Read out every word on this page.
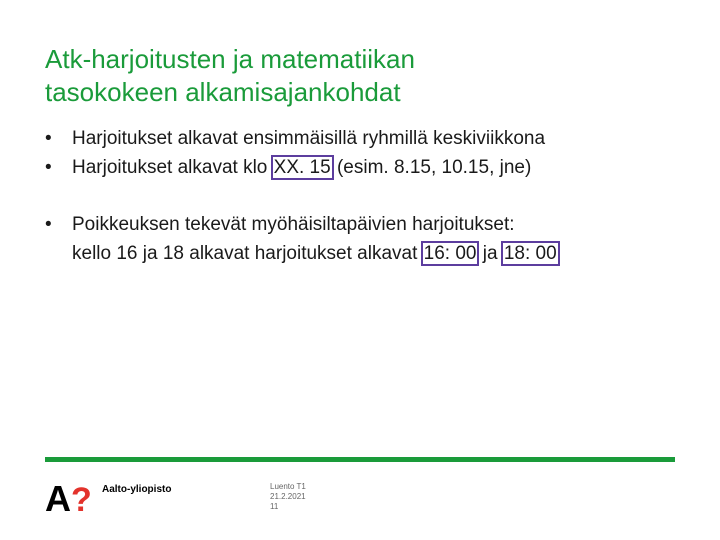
Atk-harjoitusten ja matematiikan
tasokokeen alkamisajankohdat
• Harjoitukset alkavat ensimmäisillä ryhmillä keskiviikkona
• Harjoitukset alkavat klo XX. 15 (esim. 8.15, 10.15, jne)
• Poikkeuksen tekevät myöhäisiltapäivien harjoitukset:
kello 16 ja 18 alkavat harjoitukset alkavat 16: 00 ja 18: 00
A ? Aalto-yliopisto	Luento T1
21.2.2021
11
